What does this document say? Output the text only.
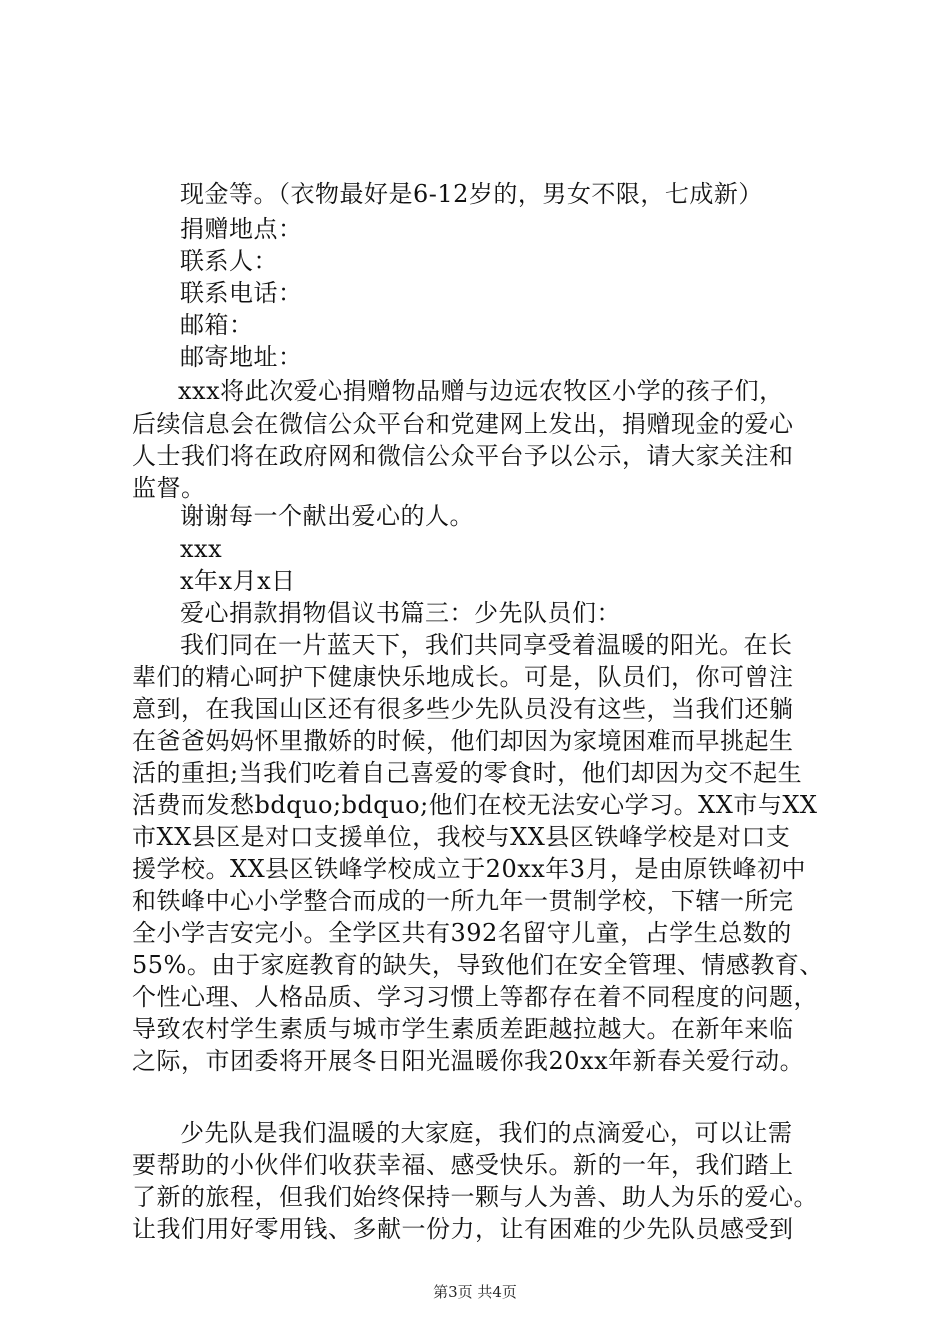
现金等。（衣物最好是6-12岁的，男女不限，七成新）
捐赠地点：
联系人：
联系电话：
邮箱：
邮寄地址：
xxx将此次爱心捐赠物品赠与边远农牧区小学的孩子们，
后续信息会在微信公众平台和党建网上发出，捐赠现金的爱心
人士我们将在政府网和微信公众平台予以公示，请大家关注和
监督。
谢谢每一个献出爱心的人。
xxx
x年x月x日
爱心捐款捐物倡议书篇三：少先队员们：
我们同在一片蓝天下，我们共同享受着温暖的阳光。在长
辈们的精心呵护下健康快乐地成长。可是，队员们，你可曾注
意到，在我国山区还有很多些少先队员没有这些，当我们还躺
在爸爸妈妈怀里撒娇的时候，他们却因为家境困难而早挑起生
活的重担;当我们吃着自己喜爱的零食时，他们却因为交不起生
活费而发愁bdquo;bdquo;他们在校无法安心学习。XX市与XX
市XX县区是对口支援单位，我校与XX县区铁峰学校是对口支
援学校。XX县区铁峰学校成立于20xx年3月，是由原铁峰初中
和铁峰中心小学整合而成的一所九年一贯制学校，下辖一所完
全小学吉安完小。全学区共有392名留守儿童，占学生总数的
55%。由于家庭教育的缺失，导致他们在安全管理、情感教育、
个性心理、人格品质、学习习惯上等都存在着不同程度的问题，
导致农村学生素质与城市学生素质差距越拉越大。在新年来临
之际，市团委将开展冬日阳光温暖你我20xx年新春关爱行动。
少先队是我们温暖的大家庭，我们的点滴爱心，可以让需
要帮助的小伙伴们收获幸福、感受快乐。新的一年，我们踏上
了新的旅程，但我们始终保持一颗与人为善、助人为乐的爱心。
让我们用好零用钱、多献一份力，让有困难的少先队员感受到
第3页 共4页
